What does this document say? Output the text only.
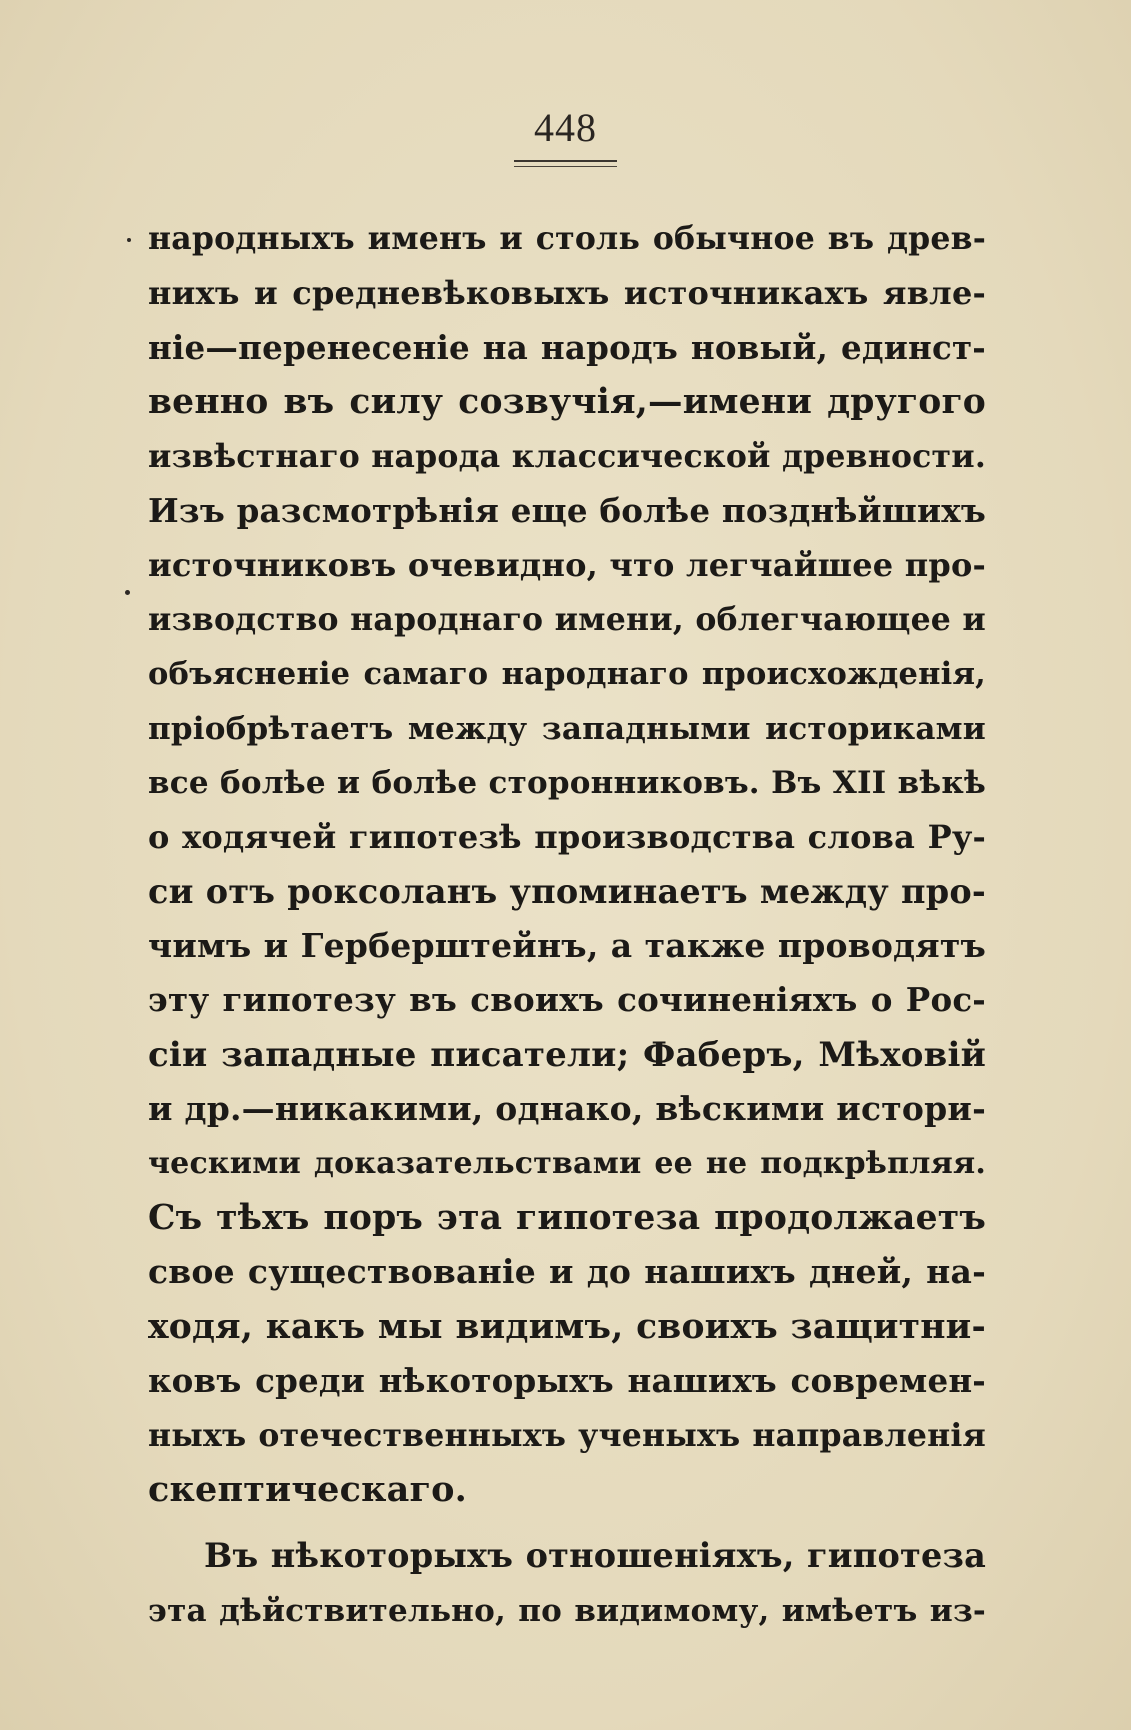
448
народныхъ именъ и столь обычное въ древ-
нихъ и средневѣковыхъ источникахъ явле-
ніе—перенесеніе на народъ новый, единст-
венно въ силу созвучія,—имени другого
извѣстнаго народа классической древности.
Изъ разсмотрѣнія еще болѣе позднѣйшихъ
источниковъ очевидно, что легчайшее про-
изводство народнаго имени, облегчающее и
объясненіе самаго народнаго происхожденія,
пріобрѣтаетъ между западными историками
все болѣе и болѣе сторонниковъ. Въ XII вѣкѣ
о ходячей гипотезѣ производства слова Ру-
си отъ роксоланъ упоминаетъ между про-
чимъ и Герберштейнъ, а также проводятъ
эту гипотезу въ своихъ сочиненіяхъ о Рос-
сіи западные писатели; Фаберъ, Мѣховій
и др.—никакими, однако, вѣскими истори-
ческими доказательствами ее не подкрѣпляя.
Съ тѣхъ поръ эта гипотеза продолжаетъ
свое существованіе и до нашихъ дней, на-
ходя, какъ мы видимъ, своихъ защитни-
ковъ среди нѣкоторыхъ нашихъ современ-
ныхъ отечественныхъ ученыхъ направленія
скептическаго.
Въ нѣкоторыхъ отношеніяхъ, гипотеза
эта дѣйствительно, по видимому, имѣетъ из-
